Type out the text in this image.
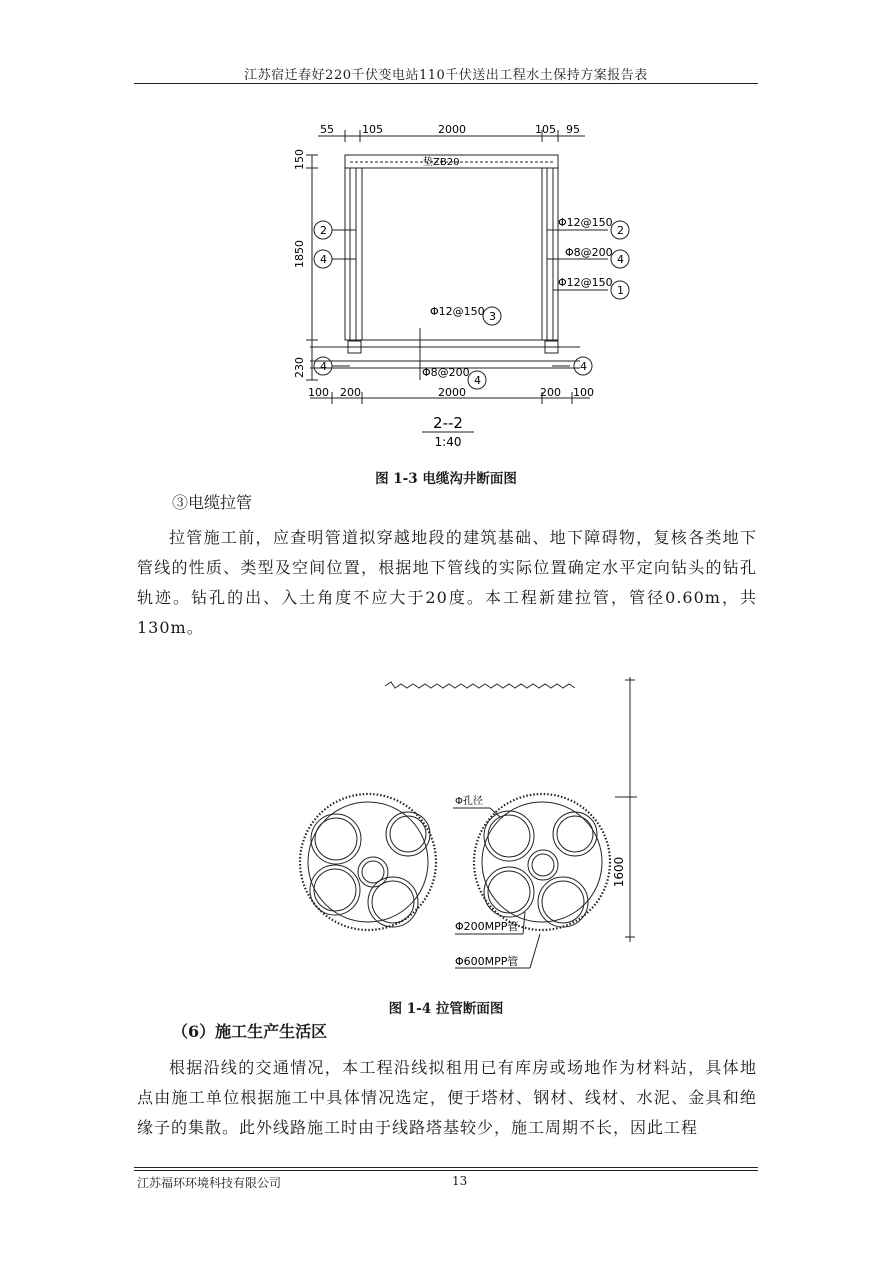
江苏宿迁春好220千伏变电站110千伏送出工程水土保持方案报告表
55	105	2000	105 95
150
1850
230
垫ZB20
2
4
Φ12@150
2
Φ8@200
4
Φ12@150
1
Φ12@150 3
4	4
Φ8@200
4
100 200	2000	200 100
2--2
1:40
图 1-3 电缆沟井断面图
③电缆拉管
拉管施工前，应查明管道拟穿越地段的建筑基础、地下障碍物，复核各类地下管线的性质、类型及空间位置，根据地下管线的实际位置确定水平定向钻头的钻孔轨迹。钻孔的出、入土角度不应大于20度。本工程新建拉管，管径0.60m，共130m。
Φ孔径
Φ200MPP管
Φ600MPP管
1600
图 1-4 拉管断面图
（6）施工生产生活区
根据沿线的交通情况，本工程沿线拟租用已有库房或场地作为材料站，具体地点由施工单位根据施工中具体情况选定，便于塔材、钢材、线材、水泥、金具和绝缘子的集散。此外线路施工时由于线路塔基较少，施工周期不长，因此工程
江苏福环环境科技有限公司	13
